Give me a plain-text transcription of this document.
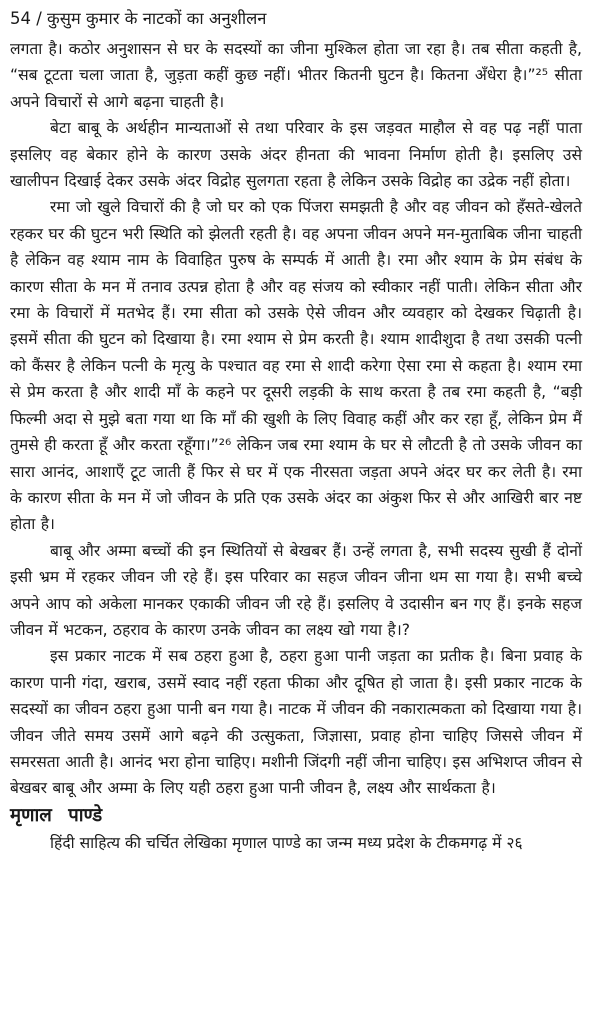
54 / कुसुम कुमार के नाटकों का अनुशीलन

लगता है। कठोर अनुशासन से घर के सदस्यों का जीना मुश्किल होता जा रहा है। तब सीता कहती है, “सब टूटता चला जाता है, जुड़ता कहीं कुछ नहीं। भीतर कितनी घुटन है। कितना अँधेरा है।”²⁵ सीता अपने विचारों से आगे बढ़ना चाहती है।

बेटा बाबू के अर्थहीन मान्यताओं से तथा परिवार के इस जड़वत माहौल से वह पढ़ नहीं पाता इसलिए वह बेकार होने के कारण उसके अंदर हीनता की भावना निर्माण होती है। इसलिए उसे खालीपन दिखाई देकर उसके अंदर विद्रोह सुलगता रहता है लेकिन उसके विद्रोह का उद्रेक नहीं होता।

रमा जो खुले विचारों की है जो घर को एक पिंजरा समझती है और वह जीवन को हँसते-खेलते रहकर घर की घुटन भरी स्थिति को झेलती रहती है। वह अपना जीवन अपने मन-मुताबिक जीना चाहती है लेकिन वह श्याम नाम के विवाहित पुरुष के सम्पर्क में आती है। रमा और श्याम के प्रेम संबंध के कारण सीता के मन में तनाव उत्पन्न होता है और वह संजय को स्वीकार नहीं पाती। लेकिन सीता और रमा के विचारों में मतभेद हैं। रमा सीता को उसके ऐसे जीवन और व्यवहार को देखकर चिढ़ाती है। इसमें सीता की घुटन को दिखाया है। रमा श्याम से प्रेम करती है। श्याम शादीशुदा है तथा उसकी पत्नी को कैंसर है लेकिन पत्नी के मृत्यु के पश्चात वह रमा से शादी करेगा ऐसा रमा से कहता है। श्याम रमा से प्रेम करता है और शादी माँ के कहने पर दूसरी लड़की के साथ करता है तब रमा कहती है, “बड़ी फिल्मी अदा से मुझे बता गया था कि माँ की खुशी के लिए विवाह कहीं और कर रहा हूँ, लेकिन प्रेम मैं तुमसे ही करता हूँ और करता रहूँगा।”²⁶ लेकिन जब रमा श्याम के घर से लौटती है तो उसके जीवन का सारा आनंद, आशाएँ टूट जाती हैं फिर से घर में एक नीरसता जड़ता अपने अंदर घर कर लेती है। रमा के कारण सीता के मन में जो जीवन के प्रति एक उसके अंदर का अंकुश फिर से और आखिरी बार नष्ट होता है।

बाबू और अम्मा बच्चों की इन स्थितियों से बेखबर हैं। उन्हें लगता है, सभी सदस्य सुखी हैं दोनों इसी भ्रम में रहकर जीवन जी रहे हैं। इस परिवार का सहज जीवन जीना थम सा गया है। सभी बच्चे अपने आप को अकेला मानकर एकाकी जीवन जी रहे हैं। इसलिए वे उदासीन बन गए हैं। इनके सहज जीवन में भटकन, ठहराव के कारण उनके जीवन का लक्ष्य खो गया है।?

इस प्रकार नाटक में सब ठहरा हुआ है, ठहरा हुआ पानी जड़ता का प्रतीक है। बिना प्रवाह के कारण पानी गंदा, खराब, उसमें स्वाद नहीं रहता फीका और दूषित हो जाता है। इसी प्रकार नाटक के सदस्यों का जीवन ठहरा हुआ पानी बन गया है। नाटक में जीवन की नकारात्मकता को दिखाया गया है। जीवन जीते समय उसमें आगे बढ़ने की उत्सुकता, जिज्ञासा, प्रवाह होना चाहिए जिससे जीवन में समरसता आती है। आनंद भरा होना चाहिए। मशीनी जिंदगी नहीं जीना चाहिए। इस अभिशप्त जीवन से बेखबर बाबू और अम्मा के लिए यही ठहरा हुआ पानी जीवन है, लक्ष्य और सार्थकता है।

मृणाल पाण्डे

हिंदी साहित्य की चर्चित लेखिका मृणाल पाण्डे का जन्म मध्य प्रदेश के टीकमगढ़ में २६
